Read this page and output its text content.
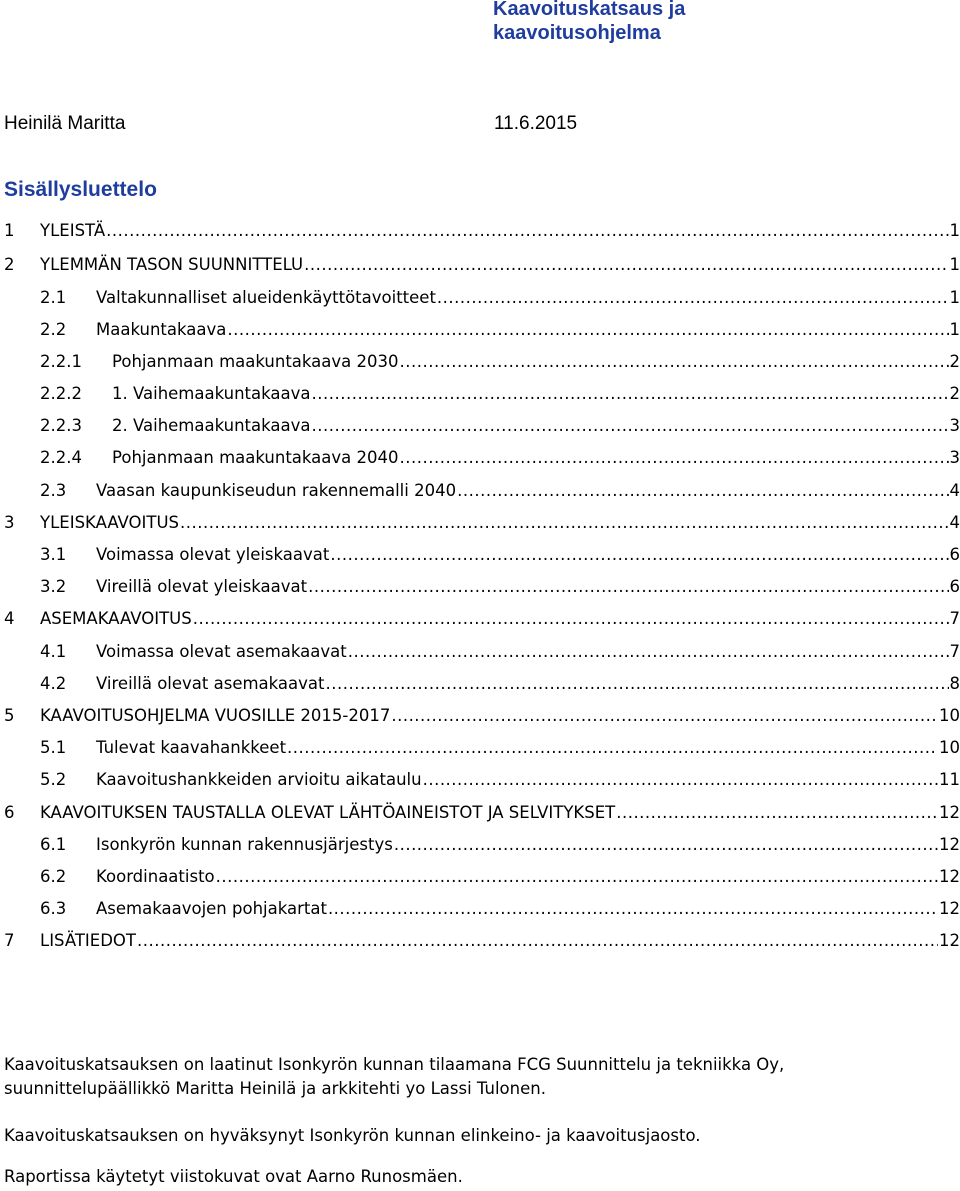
Kaavoituskatsaus ja
kaavoitusohjelma
Heinilä Maritta	11.6.2015
Sisällysluettelo
1	YLEISTÄ .....	1
2	YLEMMÄN TASON SUUNNITTELU .....	1
2.1	Valtakunnalliset alueidenkäyttötavoitteet .....	1
2.2	Maakuntakaava .....	1
2.2.1	Pohjanmaan maakuntakaava 2030 .....	2
2.2.2	1. Vaihemaakuntakaava .....	2
2.2.3	2. Vaihemaakuntakaava .....	3
2.2.4	Pohjanmaan maakuntakaava 2040 .....	3
2.3	Vaasan kaupunkiseudun rakennemalli 2040 .....	4
3	YLEISKAAVOITUS .....	4
3.1	Voimassa olevat yleiskaavat .....	6
3.2	Vireillä olevat yleiskaavat .....	6
4	ASEMAKAAVOITUS .....	7
4.1	Voimassa olevat asemakaavat .....	7
4.2	Vireillä olevat asemakaavat .....	8
5	KAAVOITUSOHJELMA VUOSILLE 2015-2017 .....	10
5.1	Tulevat kaavahankkeet .....	10
5.2	Kaavoitushankkeiden arvioitu aikataulu .....	11
6	KAAVOITUKSEN TAUSTALLA OLEVAT LÄHTÖAINEISTOT JA SELVITYKSET .....	12
6.1	Isonkyrön kunnan rakennusjärjestys .....	12
6.2	Koordinaatisto .....	12
6.3	Asemakaavojen pohjakartat .....	12
7	LISÄTIEDOT .....	12
Kaavoituskatsauksen on laatinut Isonkyrön kunnan tilaamana FCG Suunnittelu ja tekniikka Oy, suunnittelupäällikkö Maritta Heinilä ja arkkitehti yo Lassi Tulonen.
Kaavoituskatsauksen on hyväksynyt Isonkyrön kunnan elinkeino- ja kaavoitusjaosto.
Raportissa käytetyt viistokuvat ovat Aarno Runosmäen.
